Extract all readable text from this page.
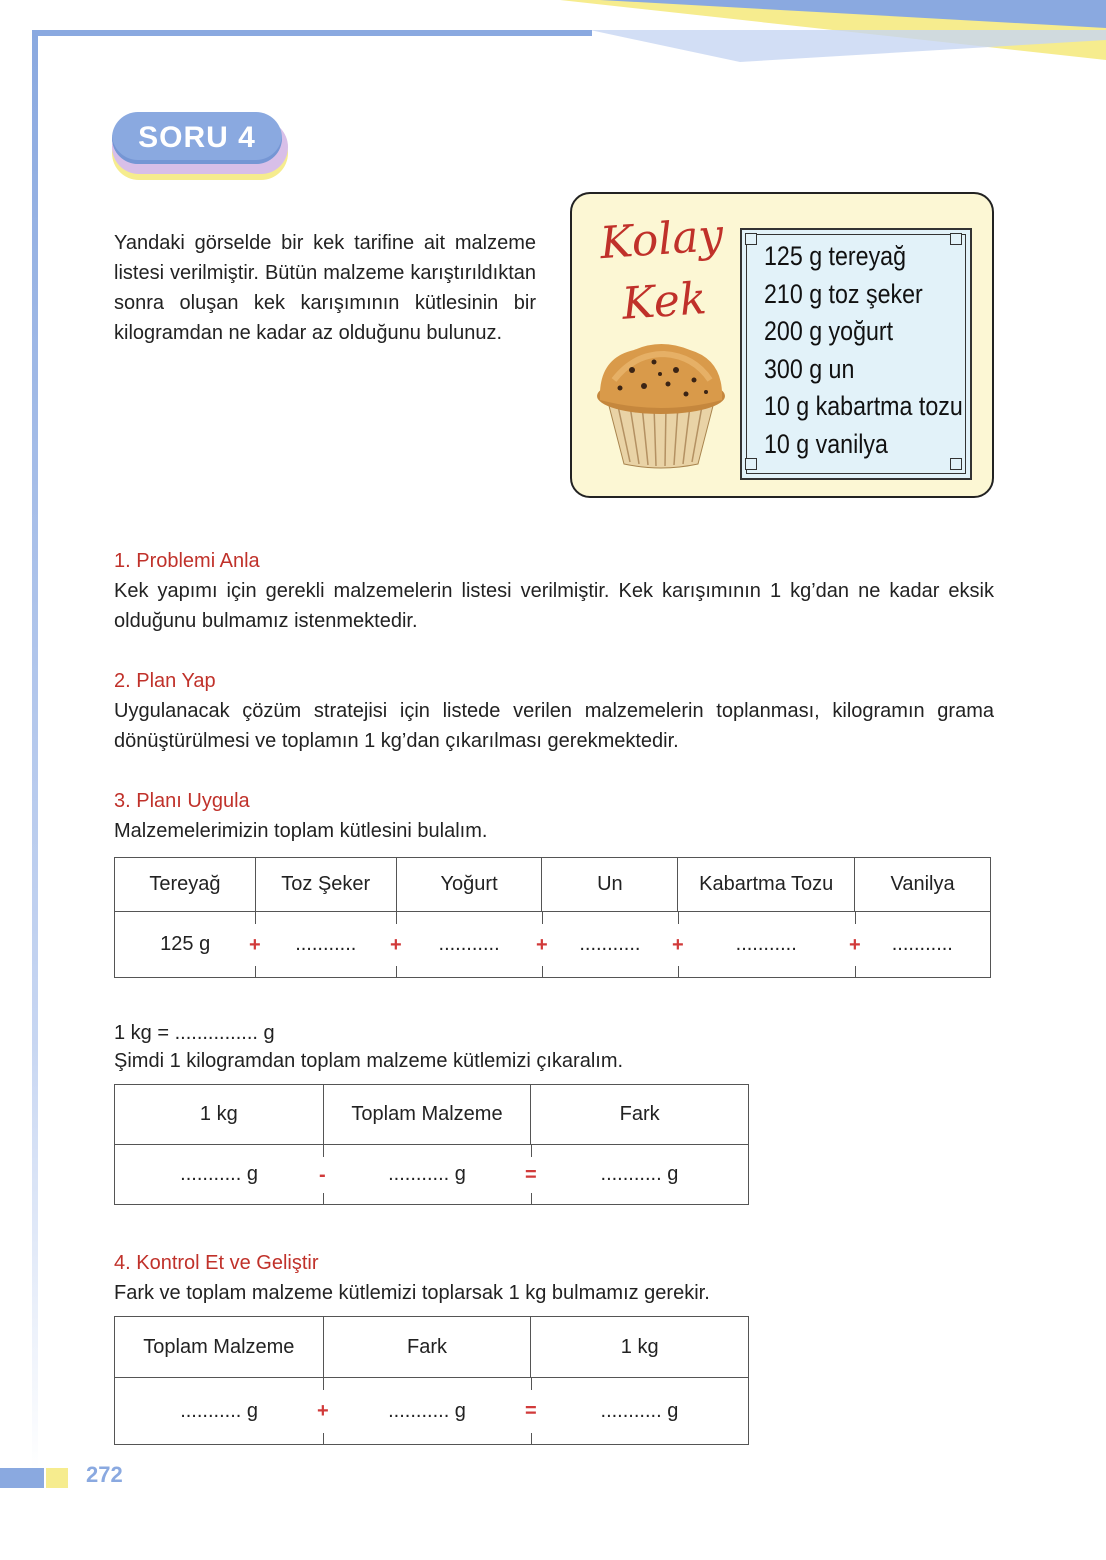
SORU 4
Yandaki görselde bir kek tarifine ait malzeme listesi verilmiştir. Bütün malzeme karıştırıldıktan sonra oluşan kek karışımının kütlesinin bir kilogramdan ne kadar az olduğunu bulunuz.
Kolay
Kek
125 g tereyağ
210 g toz şeker
200 g yoğurt
300 g un
10 g kabartma tozu
10 g vanilya
1. Problemi Anla
Kek yapımı için gerekli malzemelerin listesi verilmiştir. Kek karışımının 1 kg’dan ne kadar eksik olduğunu bulmamız istenmektedir.
2. Plan Yap
Uygulanacak çözüm stratejisi için listede verilen malzemelerin toplanması, kilogramın grama dönüştürülmesi ve toplamın 1 kg’dan çıkarılması gerekmektedir.
3. Planı Uygula
Malzemelerimizin toplam kütlesini bulalım.
Tereyağ	Toz Şeker	Yoğurt	Un	Kabartma Tozu	Vanilya
125 g	...........	...........	...........	...........	...........
+	+	+	+	+
1 kg = ............... g
Şimdi 1 kilogramdan toplam malzeme kütlemizi çıkaralım.
1 kg	Toplam Malzeme	Fark
........... g	........... g	........... g
-	=
4. Kontrol Et ve Geliştir
Fark ve toplam malzeme kütlemizi toplarsak 1 kg bulmamız gerekir.
Toplam Malzeme	Fark	1 kg
........... g	........... g	........... g
+	=
272
